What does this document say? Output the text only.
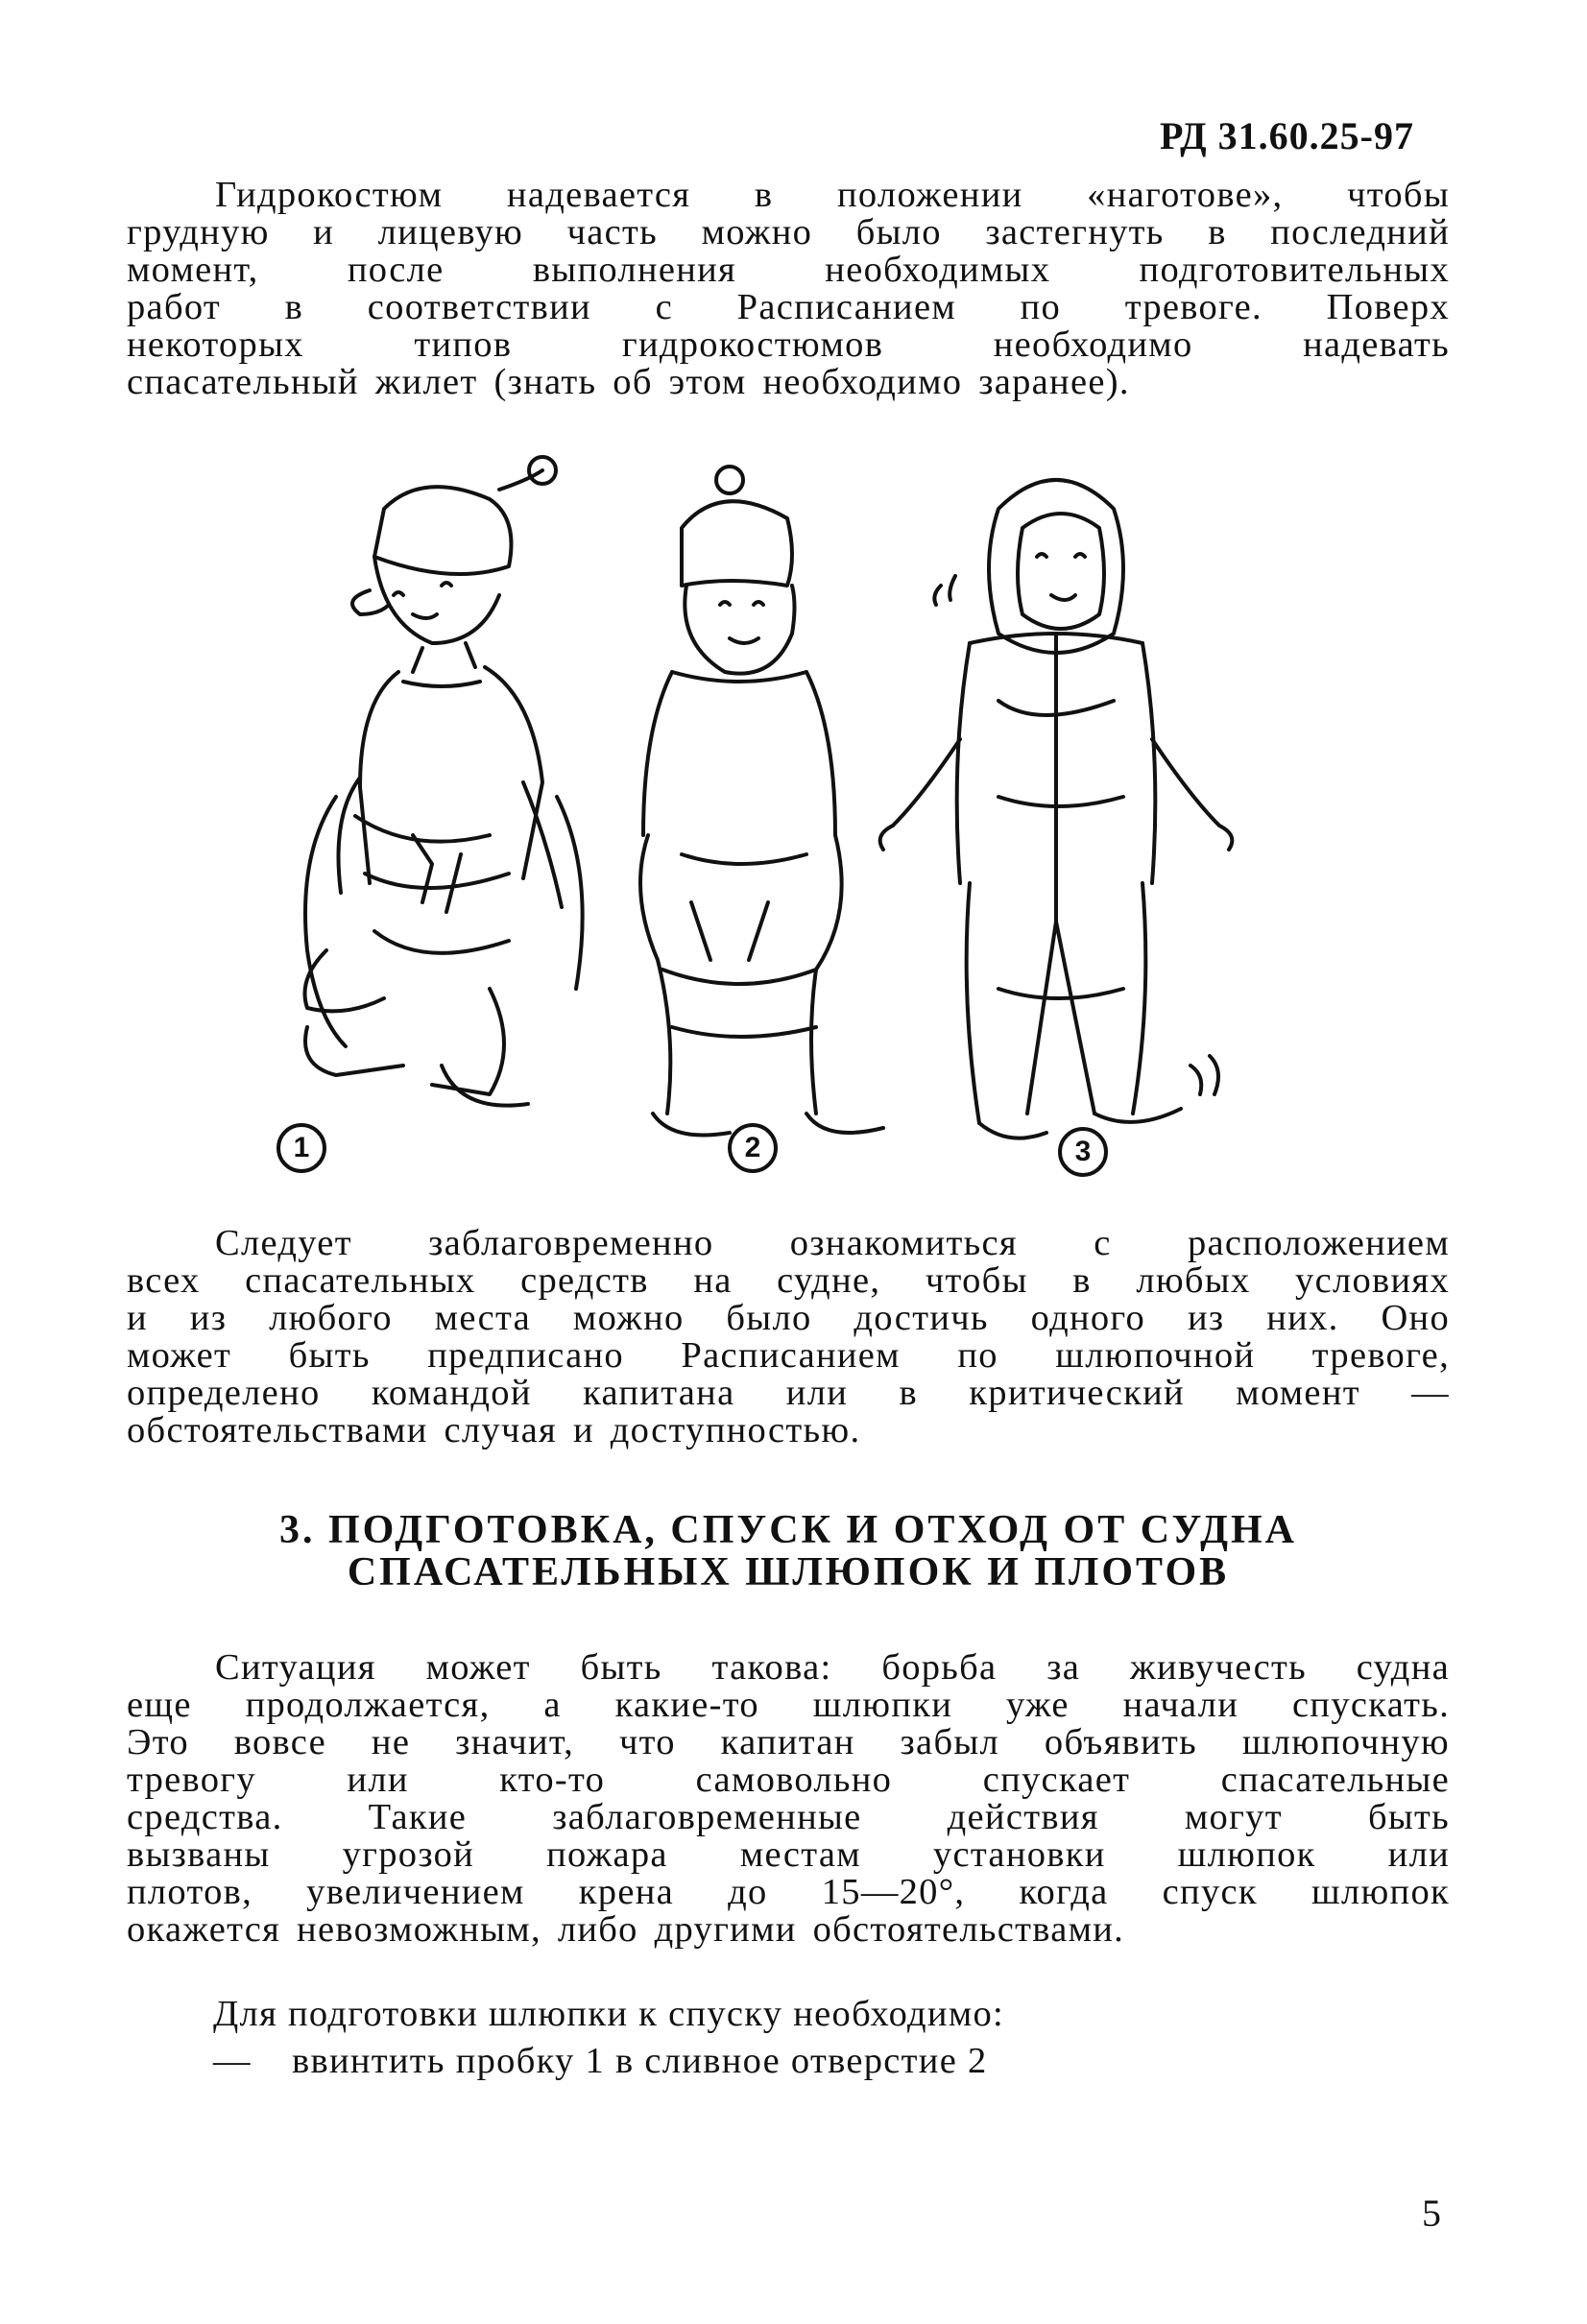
РД 31.60.25-97
Гидрокостюм надевается в положении «наготове», чтобы
грудную и лицевую часть можно было застегнуть в последний
момент, после выполнения необходимых подготовительных
работ в соответствии с Расписанием по тревоге. Поверх
некоторых типов гидрокостюмов необходимо надевать
спасательный жилет (знать об этом необходимо заранее).
1	2	3
Следует заблаговременно ознакомиться с расположением
всех спасательных средств на судне, чтобы в любых условиях
и из любого места можно было достичь одного из них. Оно
может быть предписано Расписанием по шлюпочной тревоге,
определено командой капитана или в критический момент —
обстоятельствами случая и доступностью.
3. ПОДГОТОВКА, СПУСК И ОТХОД ОТ СУДНА
СПАСАТЕЛЬНЫХ ШЛЮПОК И ПЛОТОВ
Ситуация может быть такова: борьба за живучесть судна
еще продолжается, а какие-то шлюпки уже начали спускать.
Это вовсе не значит, что капитан забыл объявить шлюпочную
тревогу или кто-то самовольно спускает спасательные
средства. Такие заблаговременные действия могут быть
вызваны угрозой пожара местам установки шлюпок или
плотов, увеличением крена до 15—20°, когда спуск шлюпок
окажется невозможным, либо другими обстоятельствами.
Для подготовки шлюпки к спуску необходимо:
— ввинтить пробку 1 в сливное отверстие 2
5
